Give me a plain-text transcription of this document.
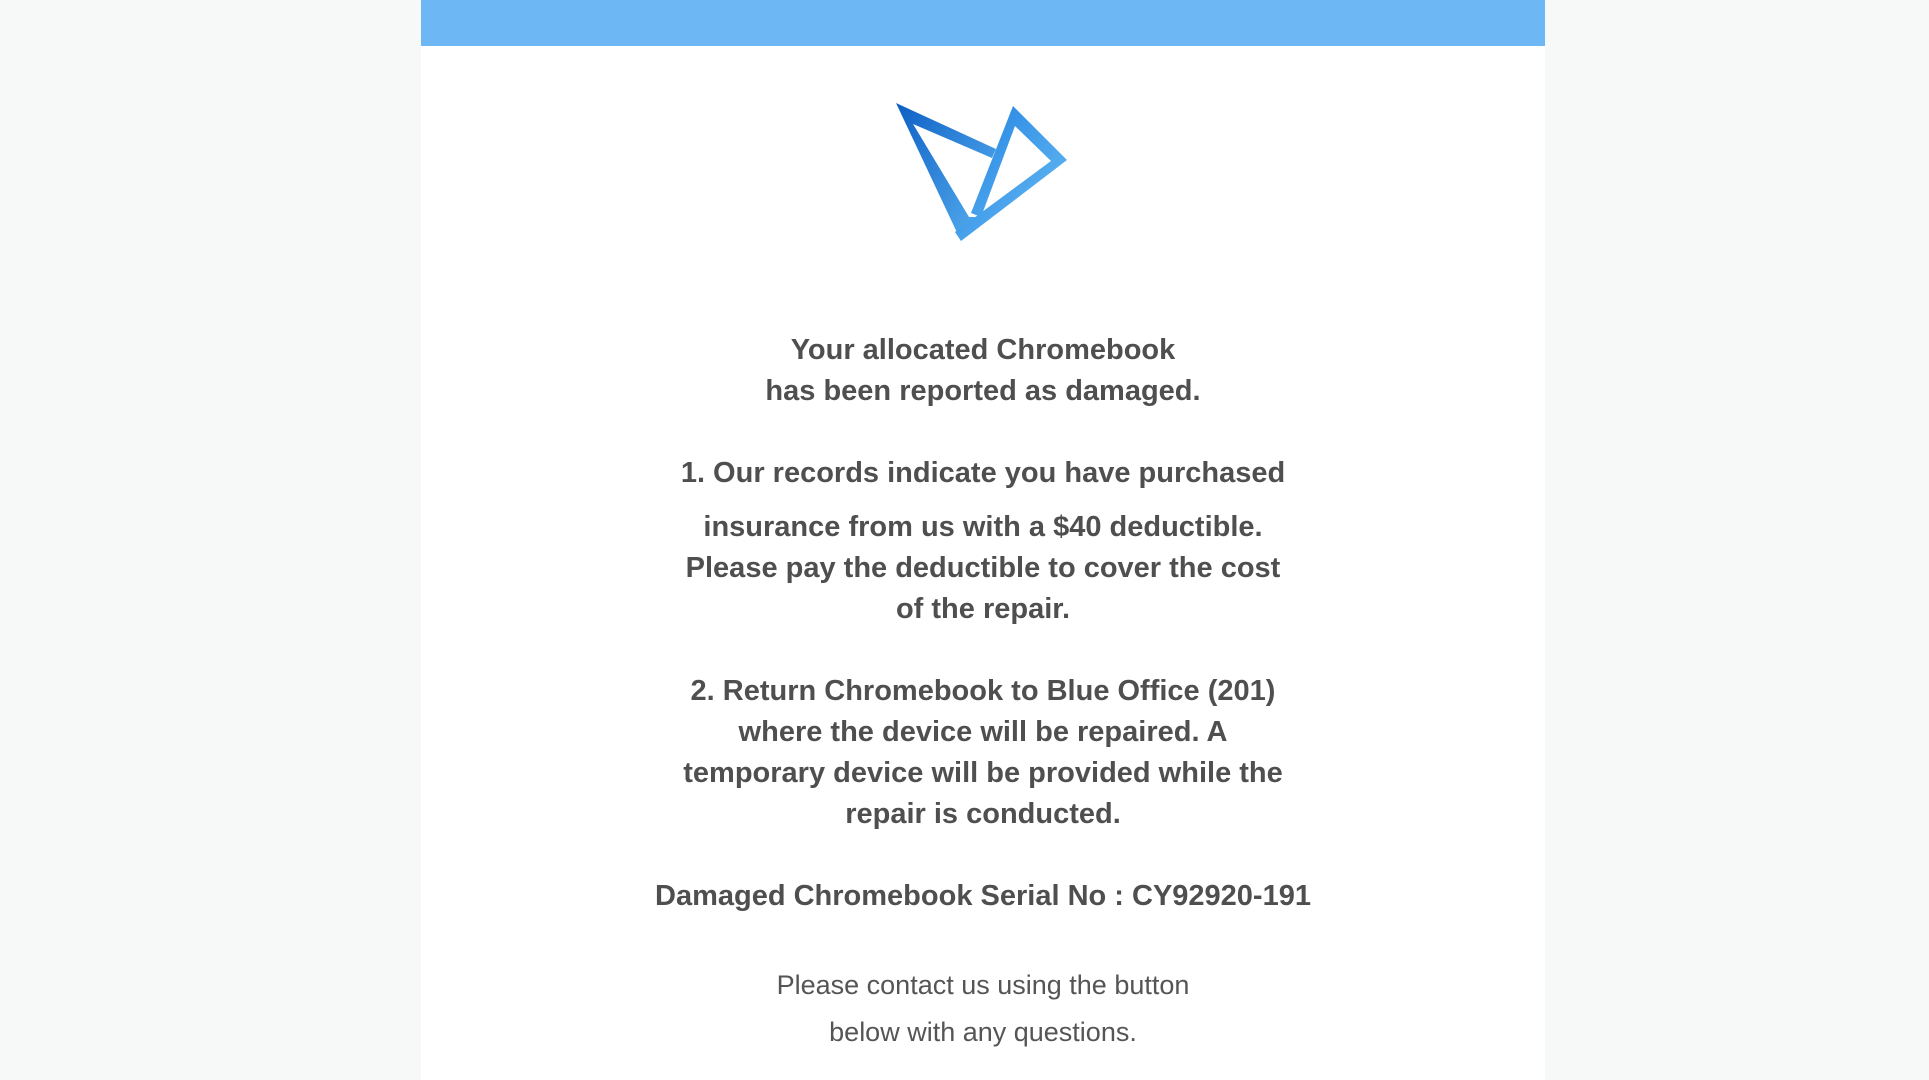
Your allocated Chromebook

has been reported as damaged.

1. Our records indicate you have purchased

insurance from us with a $40 deductible.

Please pay the deductible to cover the cost

of the repair.

2. Return Chromebook to Blue Office (201)

where the device will be repaired. A

temporary device will be provided while the

repair is conducted.

Damaged Chromebook Serial No : CY92920-191

Please contact us using the button

below with any questions.
